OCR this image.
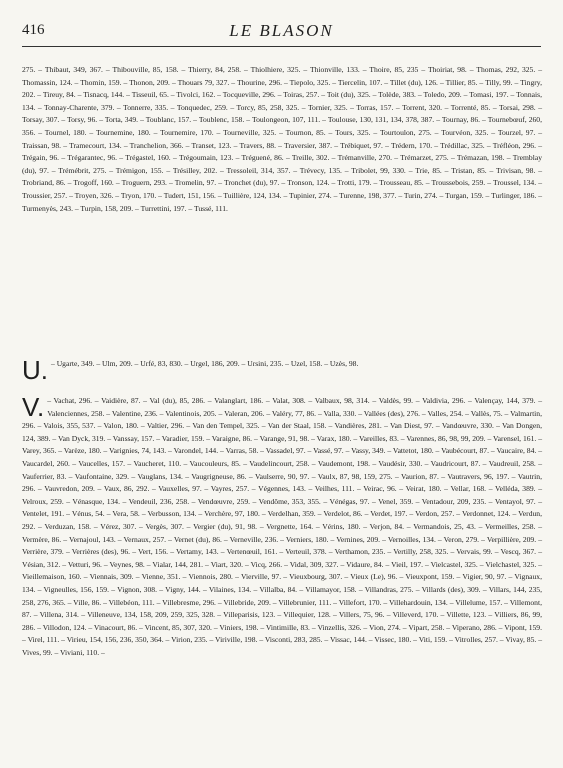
416	LE BLASON
275. – Thibaut, 349, 367. – Thibouville, 85, 158. – Thierry, 84, 258. – Thiolhiere, 325. – Thionville, 133. – Thoire, 85, 235 – Thoiriat, 98. – Thomas, 292, 325. – Thomassin, 124. – Thomin, 159. – Thonon, 209. – Thouars 79, 327. – Thourine, 296. – Tiepolo, 325. – Tiercelin, 107. – Tillet (du), 126. – Tillier, 85. – Tilly, 99. – Tingry, 202. – Tireuy, 84. – Tisnacq, 144. – Tisseuil, 65. – Tivolci, 162. – Tocqueville, 296. – Toiras, 257. – Toit (du), 325. – Tolède, 383. – Toledo, 209. – Tomasi, 197. – Tonnais, 134. – Tonnay-Charente, 379. – Tonnerre, 335. – Tonquedec, 259. – Torcy, 85, 258, 325. – Tornier, 325. – Torras, 157. – Torrent, 320. – Torrenté, 85. – Torsai, 298. – Torsay, 307. – Torsy, 96. – Torta, 349. – Toublanc, 157. – Toublenc, 158. – Toulongeon, 107, 111. – Toulouse, 130, 131, 134, 378, 387. – Tournay, 86. – Tournebœuf, 260, 356. – Tournel, 180. – Tournemine, 180. – Tournemire, 170. – Tourneville, 325. – Tournon, 85. – Tours, 325. – Tourtoulon, 275. – Tourvéon, 325. – Tourzel, 97. – Traissan, 98. – Tramecourt, 134. – Tranchelion, 366. – Transet, 123. – Travers, 88. – Traversier, 387. – Trébiquet, 97. – Trédern, 170. – Trédillac, 325. – Tréfléon, 296. – Trégain, 96. – Trégarantec, 96. – Trégastel, 160. – Trégoumain, 123. – Tréguené, 86. – Treille, 302. – Trémanville, 270. – Trémarzet, 275. – Trémazan, 198. – Tremblay (du), 97. – Trémébrit, 275. – Trémigon, 155. – Trésilley, 202. – Tressoleil, 314, 357. – Trévecy, 135. – Tribolet, 99, 330. – Trie, 85. – Tristan, 85. – Trivisan, 98. – Trobriand, 86. – Trogoff, 160. – Troguern, 293. – Tromelin, 97. – Tronchet (du), 97. – Tronson, 124. – Trotti, 179. – Trousseau, 85. – Troussebois, 259. – Troussel, 134. – Troussier, 257. – Troyen, 326. – Tryon, 170. – Tudert, 151, 156. – Tuillière, 124, 134. – Tupinier, 274. – Turenne, 198, 377. – Turin, 274. – Turgan, 159. – Turlinger, 186. – Turmenyès, 243. – Turpin, 158, 209. – Turrettini, 197. – Tussé, 111.
U. – Ugarte, 349. – Ulm, 209. – Urfé, 83, 830. – Urgel, 186, 209. – Ursini, 235. – Uzel, 158. – Uzès, 98.
V. – Vachat, 296. – Vaidière, 87. – Val (du), 85, 286. – Valanglart, 186. – Valat, 308. – Valbaux, 98, 314. – Valdès, 99. – Valdivia, 296. – Valençay, 144, 379. – Valenciennes, 258. – Valentine, 236. – Valentinois, 205. – Valeran, 206. – Valéry, 77, 86. – Valla, 330. – Vallées (des), 276. – Valles, 254. – Vallès, 75. – Valmartin, 296. – Valois, 355, 537. – Valon, 180. – Valtier, 296. – Van den Tempel, 325. – Van der Staal, 158. – Vandières, 281. – Van Diest, 97. – Vandœuvre, 330. – Van Dongen, 124, 389. – Van Dyck, 319. – Vanssay, 157. – Varadier, 159. – Varaigne, 86. – Varange, 91, 98. – Varax, 180. – Vareilles, 83. – Varennes, 86, 98, 99, 209. – Varensel, 161. – Varey, 365. – Varèze, 180. – Varignies, 74, 143. – Varondel, 144. – Varras, 58. – Vassadel, 97. – Vassé, 97. – Vassy, 349. – Vattetot, 180. – Vaubécourt, 87. – Vaucaire, 84. – Vaucardel, 260. – Vaucelles, 157. – Vaucheret, 110. – Vaucouleurs, 85. – Vaudelincourt, 258. – Vaudemont, 198. – Vaudésir, 330. – Vaudricourt, 87. – Vaudreuil, 258. – Vauferrier, 83. – Vaufontaine, 329. – Vauglans, 134. – Vaugrigneuse, 86. – Vaulserre, 90, 97. – Vaulx, 87, 98, 159, 275. – Vaurion, 87. – Vautravers, 96, 197. – Vautrin, 296. – Vauvredon, 209. – Vaux, 86, 292. – Vauxelles, 97. – Vayres, 257. – Végennes, 143. – Veilhes, 111. – Veirac, 96. – Veirat, 180. – Vellar, 168. – Velléda, 389. – Velroux, 259. – Vénasque, 134. – Vendeuil, 236, 258. – Vendœuvre, 259. – Vendôme, 353, 355. – Vénégas, 97. – Venel, 359. – Ventadour, 209, 235. – Ventayol, 97. – Ventelet, 191. – Vénus, 54. – Vera, 58. – Verbusson, 134. – Verchère, 97, 180. – Verdelhan, 359. – Verdelot, 86. – Verdet, 197. – Verdon, 257. – Verdonnet, 124. – Verdun, 292. – Verduzan, 158. – Vérez, 307. – Vergès, 307. – Vergier (du), 91, 98. – Vergnette, 164. – Vérins, 180. – Verjon, 84. – Vermandois, 25, 43. – Vermeilles, 258. – Vermère, 86. – Vernajoul, 143. – Vernaux, 257. – Vernet (du), 86. – Verneville, 236. – Verniers, 180. – Vernines, 209. – Vernoilles, 134. – Veron, 279. – Verpillière, 209. – Verrière, 379. – Verrières (des), 96. – Vert, 156. – Vertamy, 143. – Vertenœuil, 161. – Verteuil, 378. – Verthamon, 235. – Vertilly, 258, 325. – Vervais, 99. – Vescq, 367. – Vésian, 312. – Vetturi, 96. – Veynes, 98. – Vialar, 144, 281. – Viart, 320. – Vicq, 266. – Vidal, 309, 327. – Vidaure, 84. – Vieil, 197. – Vielcastel, 325. – Vielchastel, 325. – Vieillemaison, 160. – Viennais, 309. – Vienne, 351. – Viennois, 280. – Vierville, 97. – Vieuxbourg, 307. – Vieux (Le), 96. – Vieuxpont, 159. – Vigier, 90, 97. – Vignaux, 134. – Vigneulles, 156, 159. – Vignon, 308. – Vigny, 144. – Vilaines, 134. – Villalba, 84. – Villamayor, 158. – Villandras, 275. – Villards (des), 309. – Villars, 144, 235, 258, 276, 365. – Ville, 86. – Villebéon, 111. – Villebresme, 296. – Villebride, 209. – Villebrunier, 111. – Villefort, 170. – Villehardouin, 134. – Villelume, 157. – Villemont, 87. – Villena, 314. – Villeneuve, 134, 158, 209, 259, 325, 328. – Villeparisis, 123. – Villequier, 128. – Villers, 75, 96. – Villeverd, 170. – Villette, 123. – Villiers, 86, 99, 286. – Villodon, 124. – Vinacourt, 86. – Vincent, 85, 307, 320. – Viniers, 198. – Vintimille, 83. – Vinzellis, 326. – Vion, 274. – Vipart, 258. – Viperano, 286. – Vipont, 159. – Virel, 111. – Virieu, 154, 156, 236, 350, 364. – Virion, 235. – Viriville, 198. – Visconti, 283, 285. – Vissac, 144. – Vissec, 180. – Viti, 159. – Vitrolles, 257. – Vivay, 85. – Vives, 99. – Viviani, 110. –
